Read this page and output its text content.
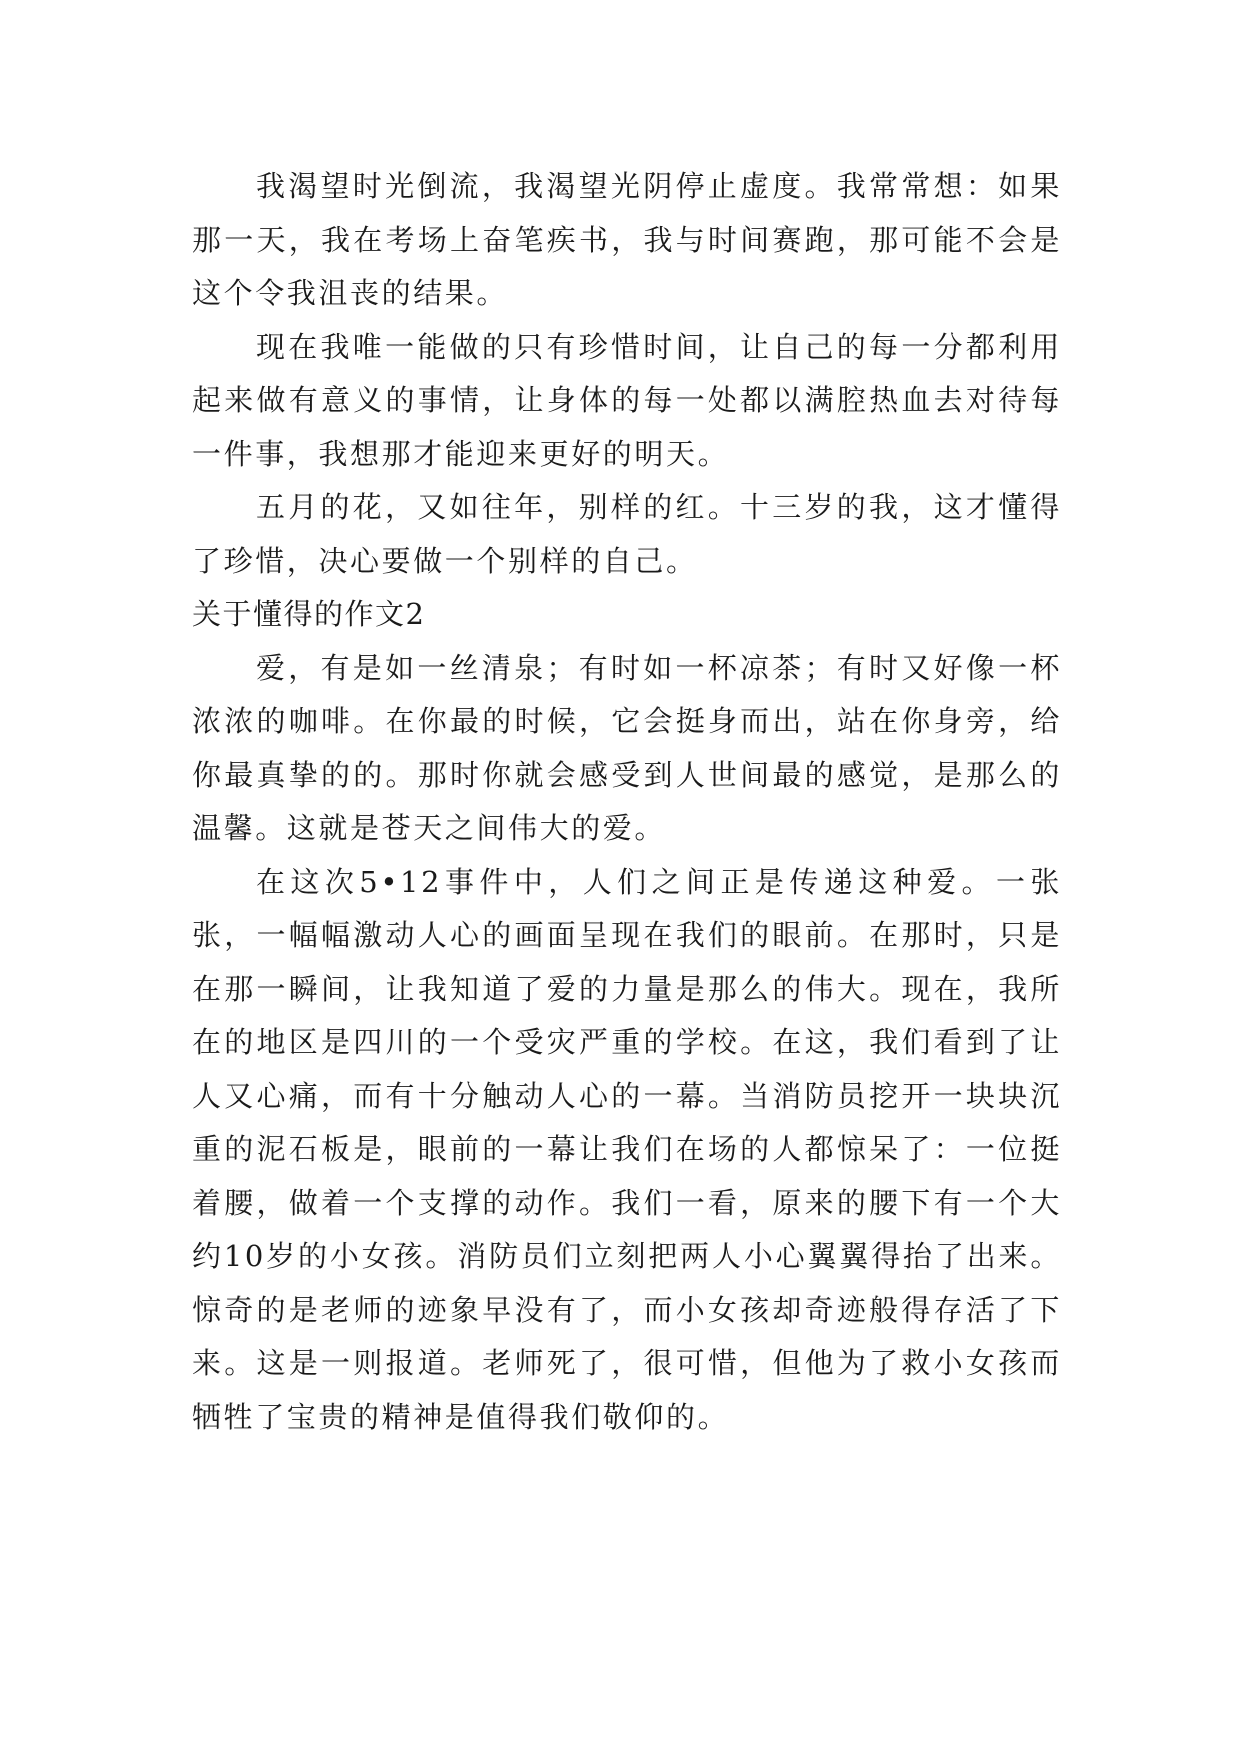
我渴望时光倒流，我渴望光阴停止虚度。我常常想：如果那一天，我在考场上奋笔疾书，我与时间赛跑，那可能不会是这个令我沮丧的结果。

现在我唯一能做的只有珍惜时间，让自己的每一分都利用起来做有意义的事情，让身体的每一处都以满腔热血去对待每一件事，我想那才能迎来更好的明天。

五月的花，又如往年，别样的红。十三岁的我，这才懂得了珍惜，决心要做一个别样的自己。

关于懂得的作文2

爱，有是如一丝清泉；有时如一杯凉茶；有时又好像一杯浓浓的咖啡。在你最的时候，它会挺身而出，站在你身旁，给你最真挚的的。那时你就会感受到人世间最的感觉，是那么的温馨。这就是苍天之间伟大的爱。

在这次5•12事件中，人们之间正是传递这种爱。一张张，一幅幅激动人心的画面呈现在我们的眼前。在那时，只是在那一瞬间，让我知道了爱的力量是那么的伟大。现在，我所在的地区是四川的一个受灾严重的学校。在这，我们看到了让人又心痛，而有十分触动人心的一幕。当消防员挖开一块块沉重的泥石板是，眼前的一幕让我们在场的人都惊呆了：一位挺着腰，做着一个支撑的动作。我们一看，原来的腰下有一个大约10岁的小女孩。消防员们立刻把两人小心翼翼得抬了出来。惊奇的是老师的迹象早没有了，而小女孩却奇迹般得存活了下来。这是一则报道。老师死了，很可惜，但他为了救小女孩而牺牲了宝贵的精神是值得我们敬仰的。
